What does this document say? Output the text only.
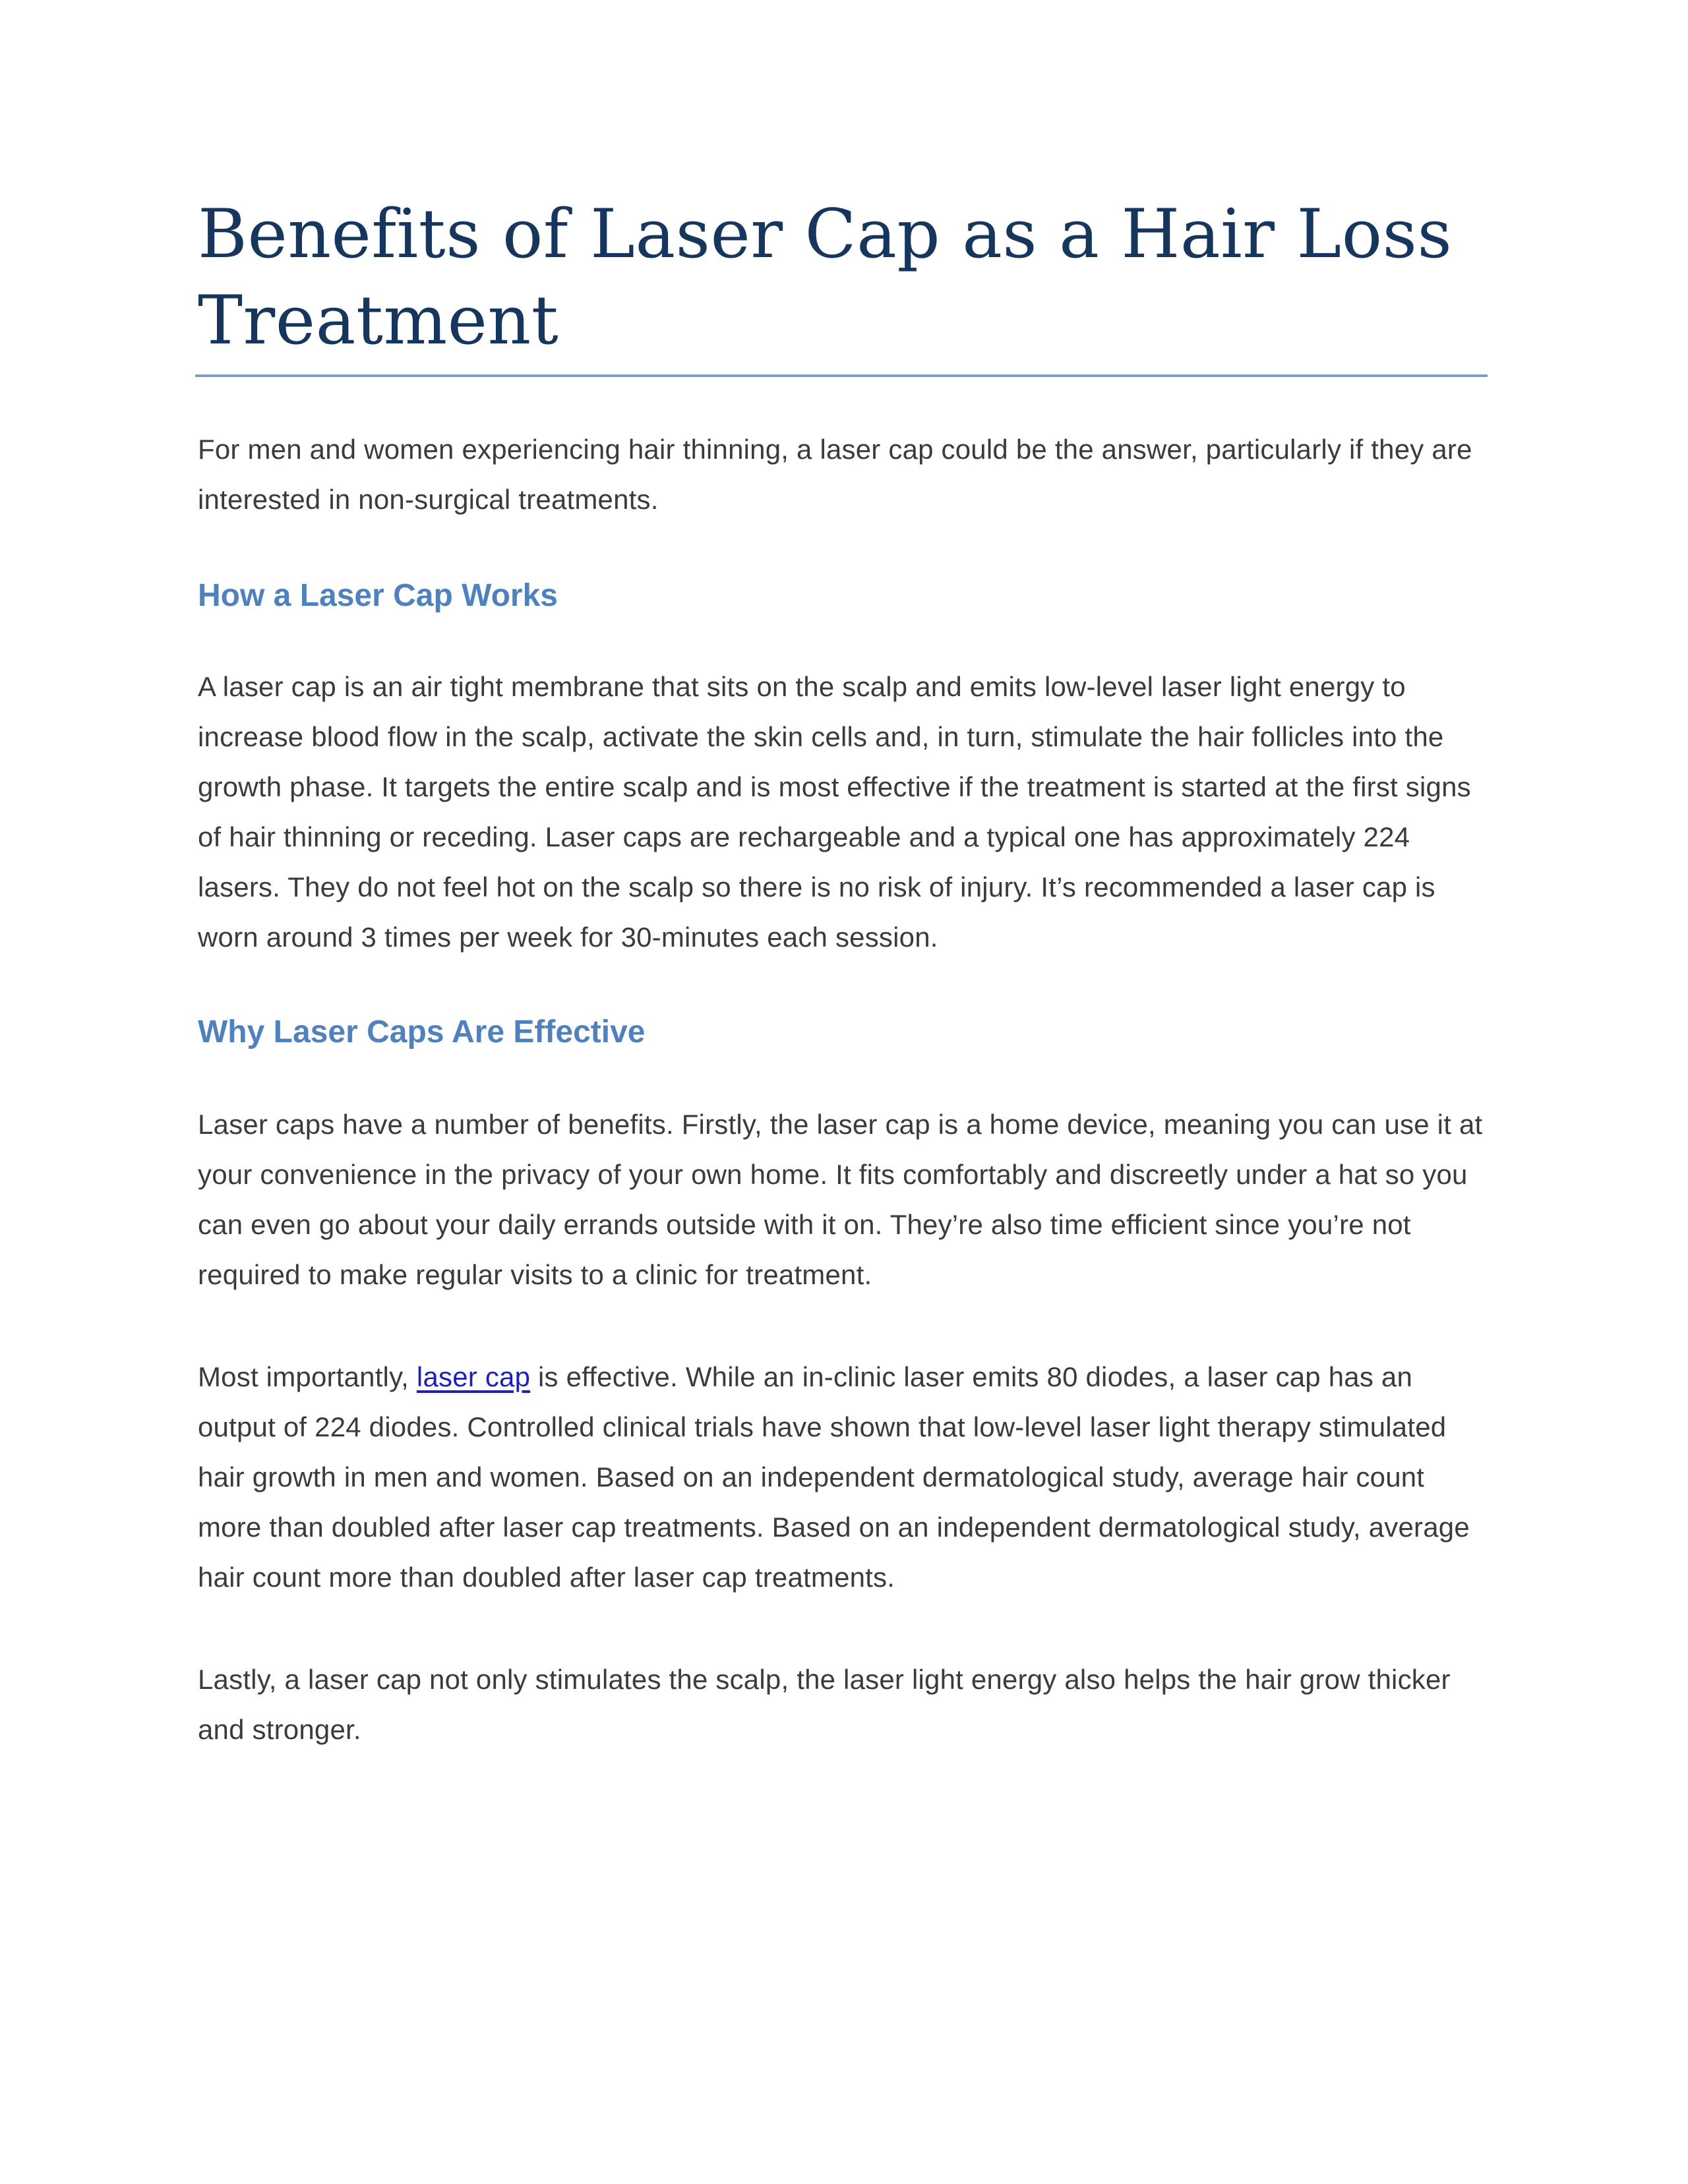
Benefits of Laser Cap as a Hair Loss Treatment

For men and women experiencing hair thinning, a laser cap could be the answer, particularly if they are interested in non-surgical treatments.

How a Laser Cap Works

A laser cap is an air tight membrane that sits on the scalp and emits low-level laser light energy to increase blood flow in the scalp, activate the skin cells and, in turn, stimulate the hair follicles into the growth phase. It targets the entire scalp and is most effective if the treatment is started at the first signs of hair thinning or receding. Laser caps are rechargeable and a typical one has approximately 224 lasers. They do not feel hot on the scalp so there is no risk of injury. It’s recommended a laser cap is worn around 3 times per week for 30-minutes each session.

Why Laser Caps Are Effective

Laser caps have a number of benefits. Firstly, the laser cap is a home device, meaning you can use it at your convenience in the privacy of your own home. It fits comfortably and discreetly under a hat so you can even go about your daily errands outside with it on. They’re also time efficient since you’re not required to make regular visits to a clinic for treatment.

Most importantly, laser cap is effective. While an in-clinic laser emits 80 diodes, a laser cap has an output of 224 diodes. Controlled clinical trials have shown that low-level laser light therapy stimulated hair growth in men and women. Based on an independent dermatological study, average hair count more than doubled after laser cap treatments. Based on an independent dermatological study, average hair count more than doubled after laser cap treatments.

Lastly, a laser cap not only stimulates the scalp, the laser light energy also helps the hair grow thicker and stronger.
